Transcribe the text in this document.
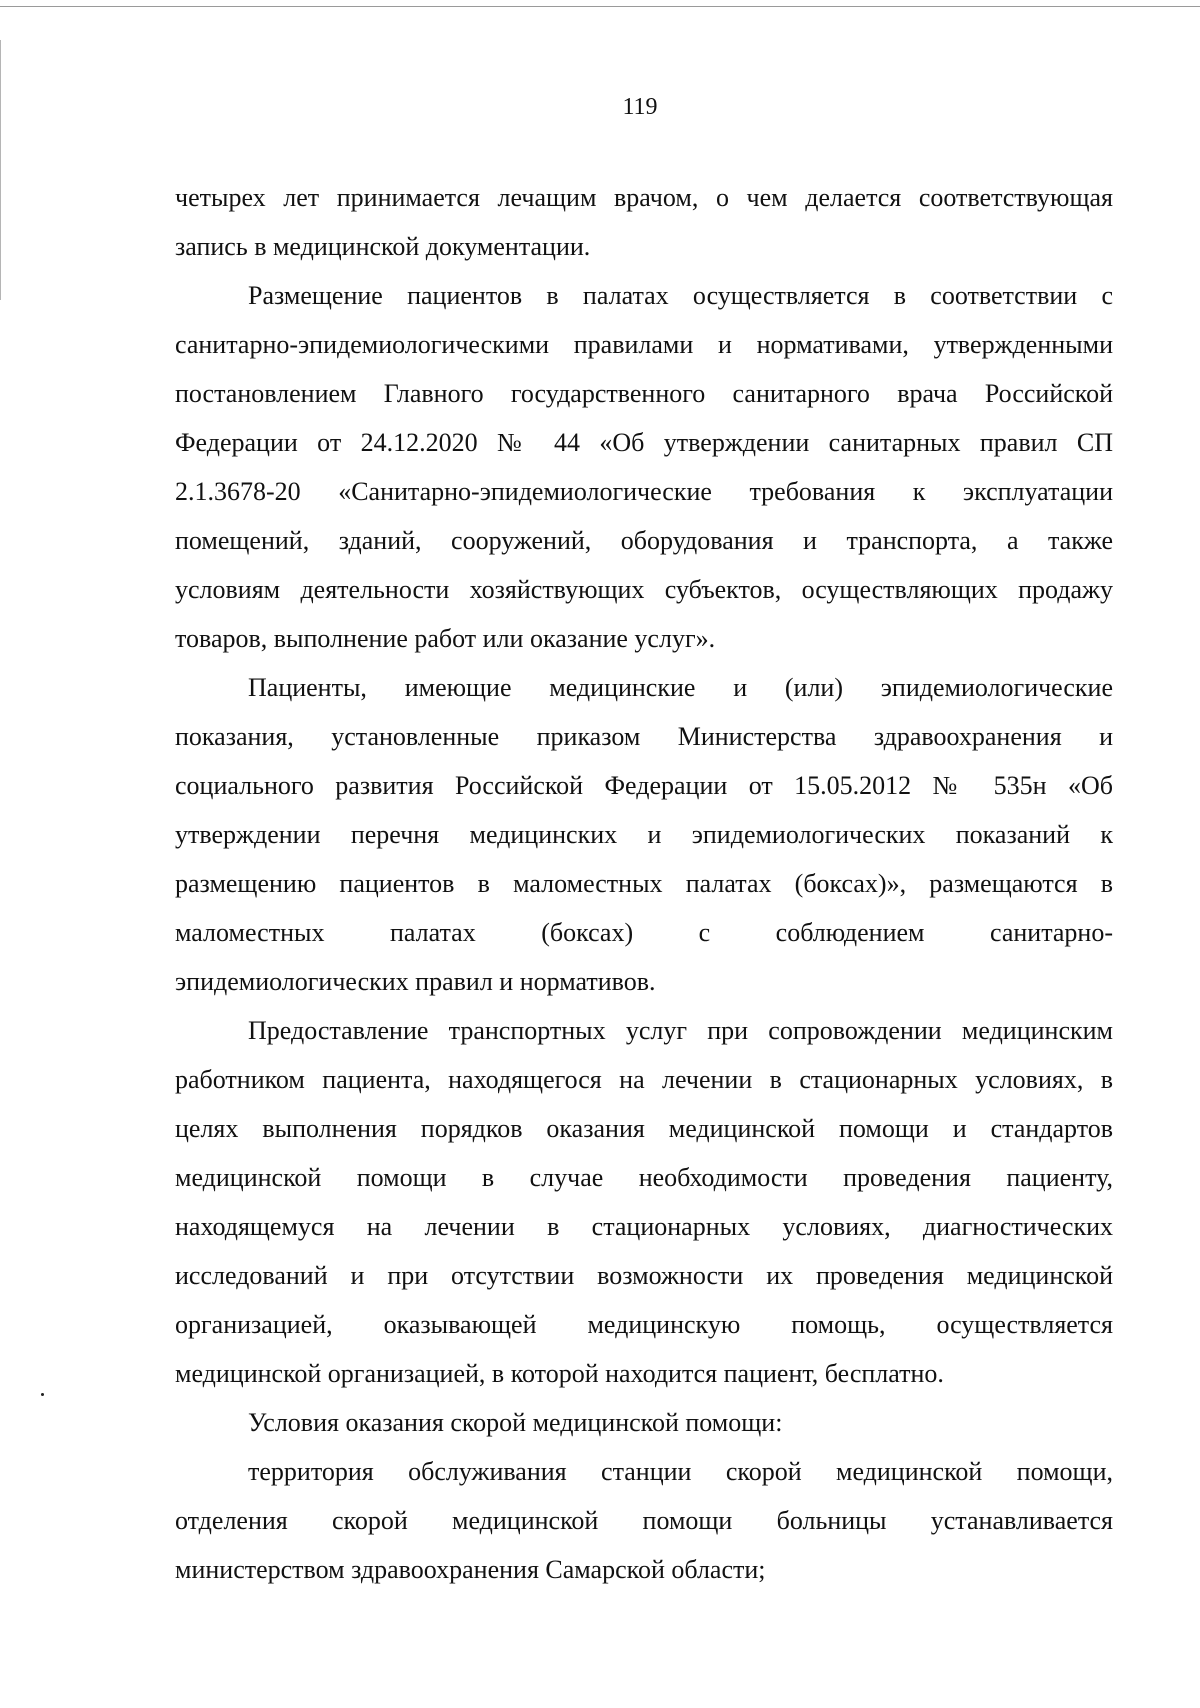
119
четырех лет принимается лечащим врачом, о чем делается соответствующая
запись в медицинской документации.
Размещение пациентов в палатах осуществляется в соответствии с
санитарно-эпидемиологическими правилами и нормативами, утвержденными
постановлением Главного государственного санитарного врача Российской
Федерации от 24.12.2020 № 44 «Об утверждении санитарных правил СП
2.1.3678-20 «Санитарно-эпидемиологические требования к эксплуатации
помещений, зданий, сооружений, оборудования и транспорта, а также
условиям деятельности хозяйствующих субъектов, осуществляющих продажу
товаров, выполнение работ или оказание услуг».
Пациенты, имеющие медицинские и (или) эпидемиологические
показания, установленные приказом Министерства здравоохранения и
социального развития Российской Федерации от 15.05.2012 № 535н «Об
утверждении перечня медицинских и эпидемиологических показаний к
размещению пациентов в маломестных палатах (боксах)», размещаются в
маломестных палатах (боксах) с соблюдением санитарно-
эпидемиологических правил и нормативов.
Предоставление транспортных услуг при сопровождении медицинским
работником пациента, находящегося на лечении в стационарных условиях, в
целях выполнения порядков оказания медицинской помощи и стандартов
медицинской помощи в случае необходимости проведения пациенту,
находящемуся на лечении в стационарных условиях, диагностических
исследований и при отсутствии возможности их проведения медицинской
организацией, оказывающей медицинскую помощь, осуществляется
медицинской организацией, в которой находится пациент, бесплатно.
Условия оказания скорой медицинской помощи:
территория обслуживания станции скорой медицинской помощи,
отделения скорой медицинской помощи больницы устанавливается
министерством здравоохранения Самарской области;
